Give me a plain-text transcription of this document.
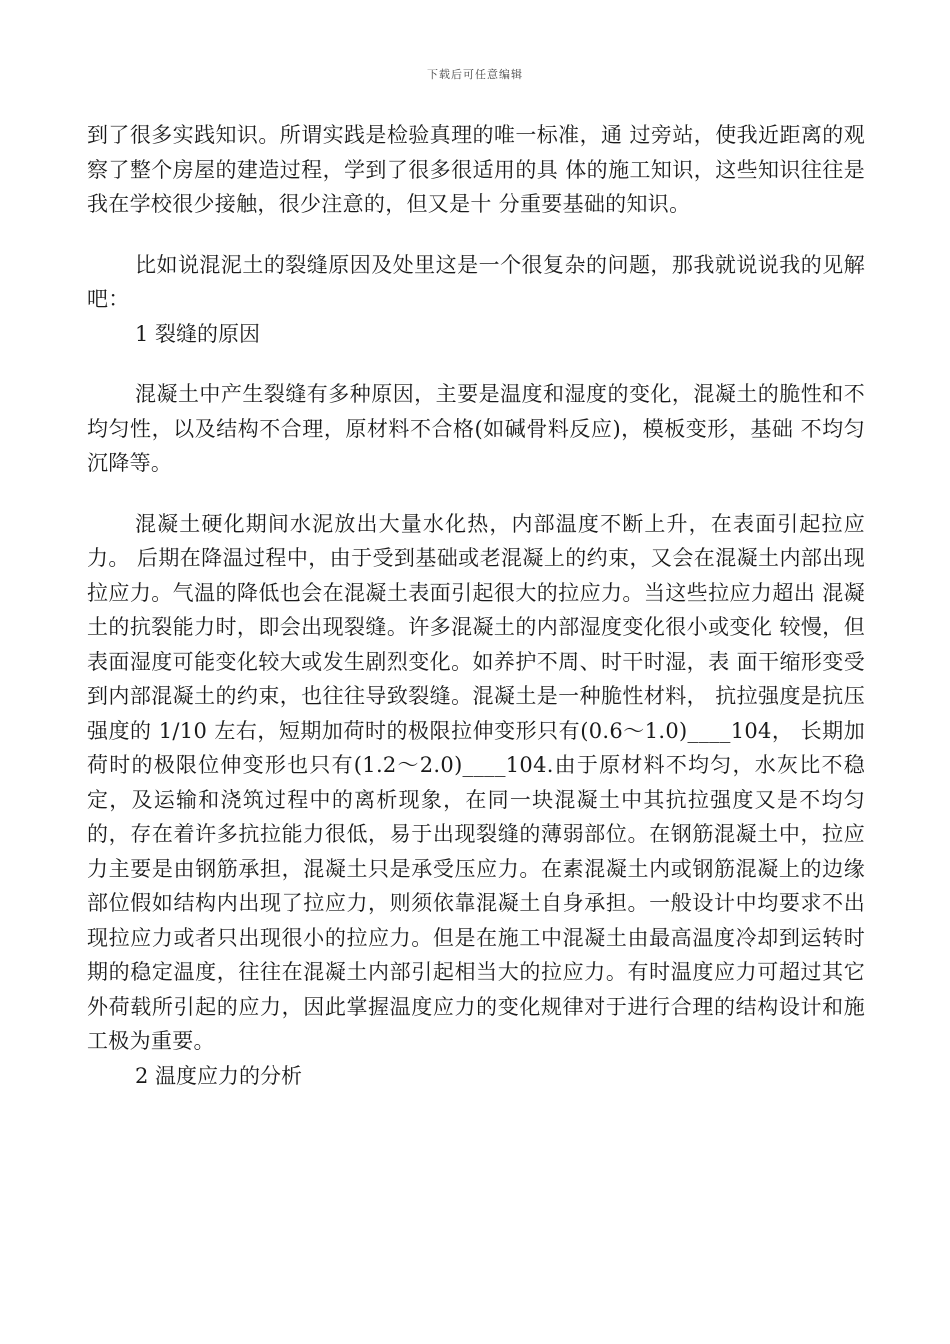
下载后可任意编辑

到了很多实践知识。所谓实践是检验真理的唯一标准，通 过旁站，使我近距离的观察了整个房屋的建造过程，学到了很多很适用的具 体的施工知识，这些知识往往是我在学校很少接触，很少注意的，但又是十 分重要基础的知识。

比如说混泥土的裂缝原因及处里这是一个很复杂的问题，那我就说说我的见解吧：

1 裂缝的原因

混凝土中产生裂缝有多种原因，主要是温度和湿度的变化，混凝土的脆性和不均匀性，以及结构不合理，原材料不合格(如碱骨料反应)，模板变形，基础 不均匀沉降等。

混凝土硬化期间水泥放出大量水化热，内部温度不断上升，在表面引起拉应力。 后期在降温过程中，由于受到基础或老混凝上的约束，又会在混凝土内部出现 拉应力。气温的降低也会在混凝土表面引起很大的拉应力。当这些拉应力超出 混凝土的抗裂能力时，即会出现裂缝。许多混凝土的内部湿度变化很小或变化 较慢，但表面湿度可能变化较大或发生剧烈变化。如养护不周、时干时湿，表 面干缩形变受到内部混凝土的约束，也往往导致裂缝。混凝土是一种脆性材料， 抗拉强度是抗压强度的 1/10 左右，短期加荷时的极限拉伸变形只有(0.6～1.0)____104， 长期加荷时的极限位伸变形也只有(1.2～2.0)____104.由于原材料不均匀，水灰比不稳定，及运输和浇筑过程中的离析现象，在同一块混凝土中其抗拉强度又是不均匀的，存在着许多抗拉能力很低，易于出现裂缝的薄弱部位。在钢筋混凝土中，拉应力主要是由钢筋承担，混凝土只是承受压应力。在素混凝土内或钢筋混凝上的边缘部位假如结构内出现了拉应力，则须依靠混凝土自身承担。一般设计中均要求不出现拉应力或者只出现很小的拉应力。但是在施工中混凝土由最高温度冷却到运转时期的稳定温度，往往在混凝土内部引起相当大的拉应力。有时温度应力可超过其它外荷载所引起的应力，因此掌握温度应力的变化规律对于进行合理的结构设计和施工极为重要。

2 温度应力的分析
